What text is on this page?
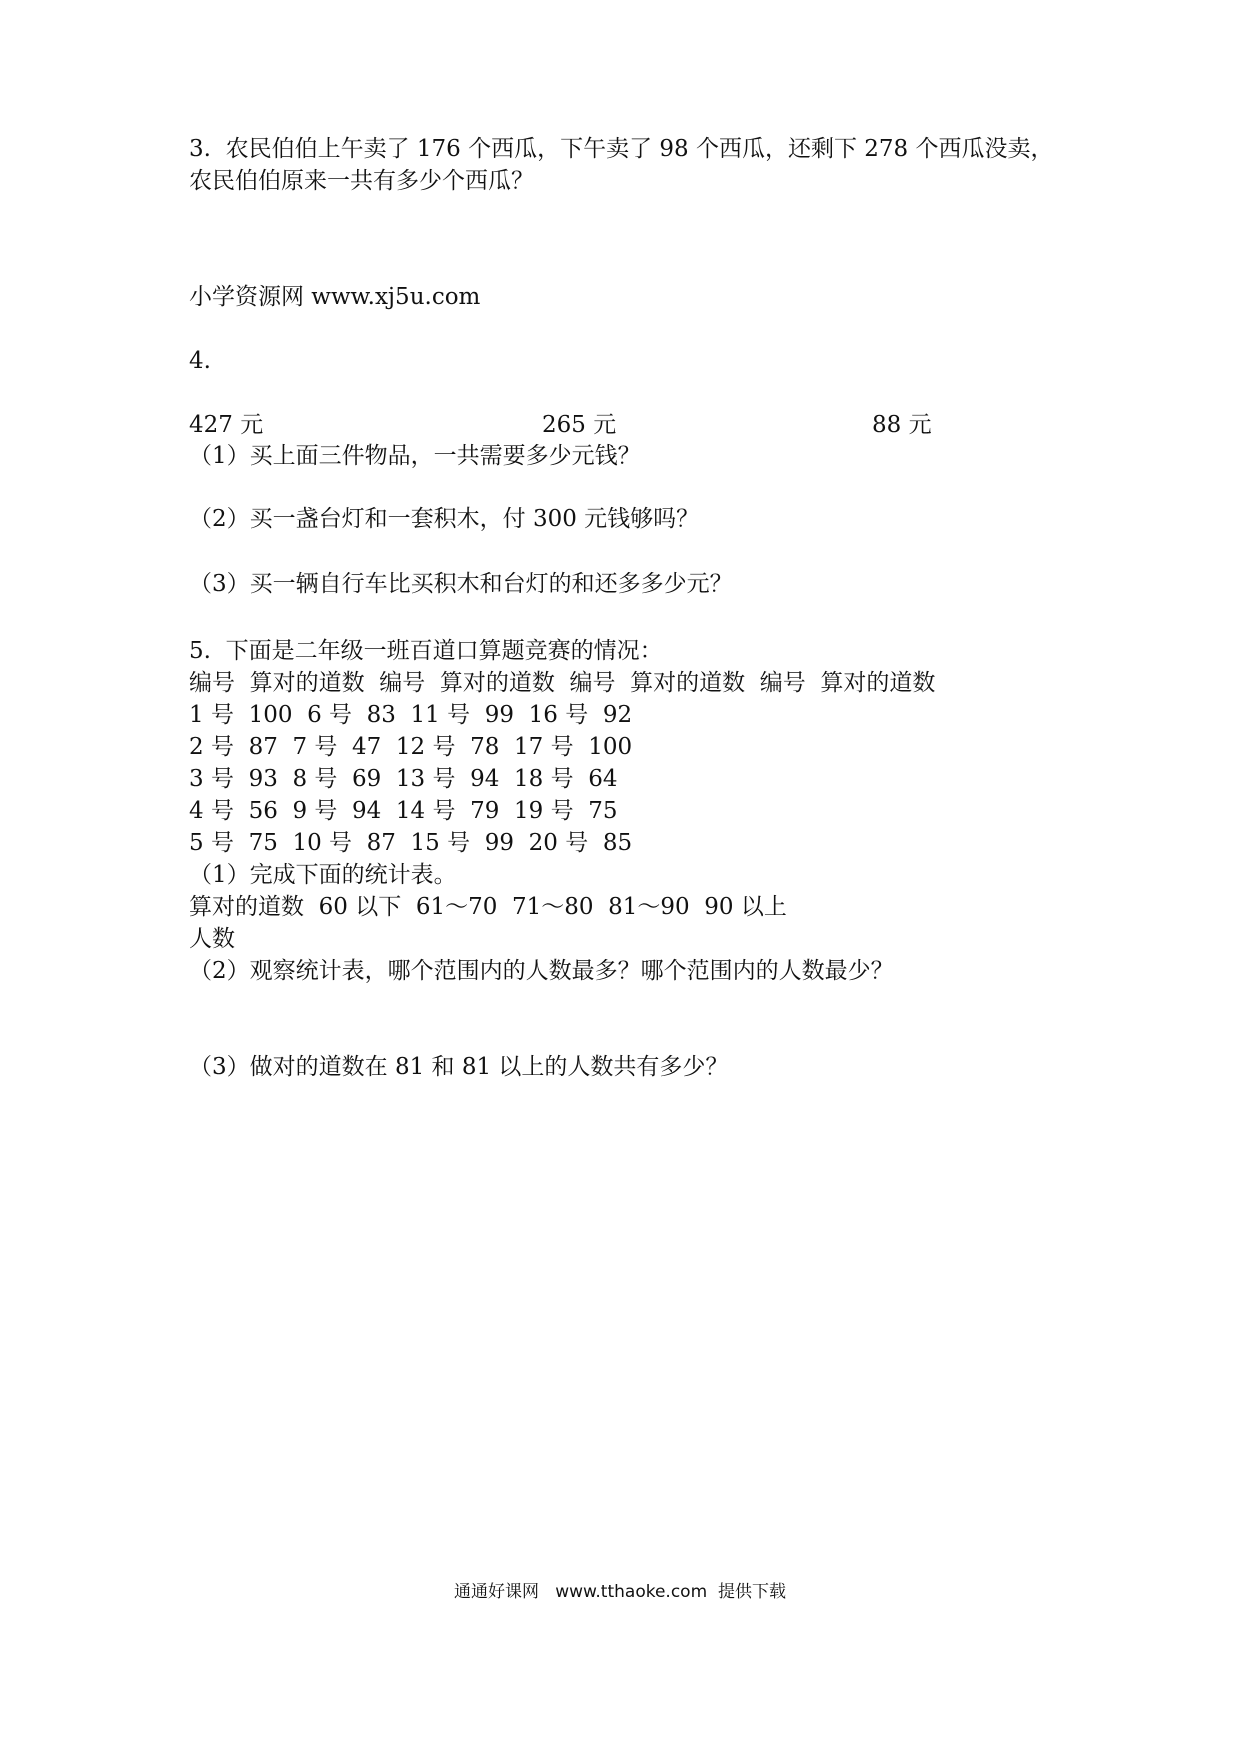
3.  农民伯伯上午卖了 176 个西瓜，下午卖了 98 个西瓜，还剩下 278 个西瓜没卖，
农民伯伯原来一共有多少个西瓜？
小学资源网 www.xj5u.com
4.
427 元	265 元	88 元
（1）买上面三件物品，一共需要多少元钱？
（2）买一盏台灯和一套积木，付 300 元钱够吗？
（3）买一辆自行车比买积木和台灯的和还多多少元？
5.  下面是二年级一班百道口算题竞赛的情况：
编号  算对的道数  编号  算对的道数  编号  算对的道数  编号  算对的道数
1 号  100  6 号  83  11 号  99  16 号  92
2 号  87  7 号  47  12 号  78  17 号  100
3 号  93  8 号  69  13 号  94  18 号  64
4 号  56  9 号  94  14 号  79  19 号  75
5 号  75  10 号  87  15 号  99  20 号  85
（1）完成下面的统计表。
算对的道数  60 以下  61～70  71～80  81～90  90 以上
人数
（2）观察统计表，哪个范围内的人数最多？哪个范围内的人数最少？
（3）做对的道数在 81 和 81 以上的人数共有多少？
通通好课网   www.tthaoke.com  提供下载
